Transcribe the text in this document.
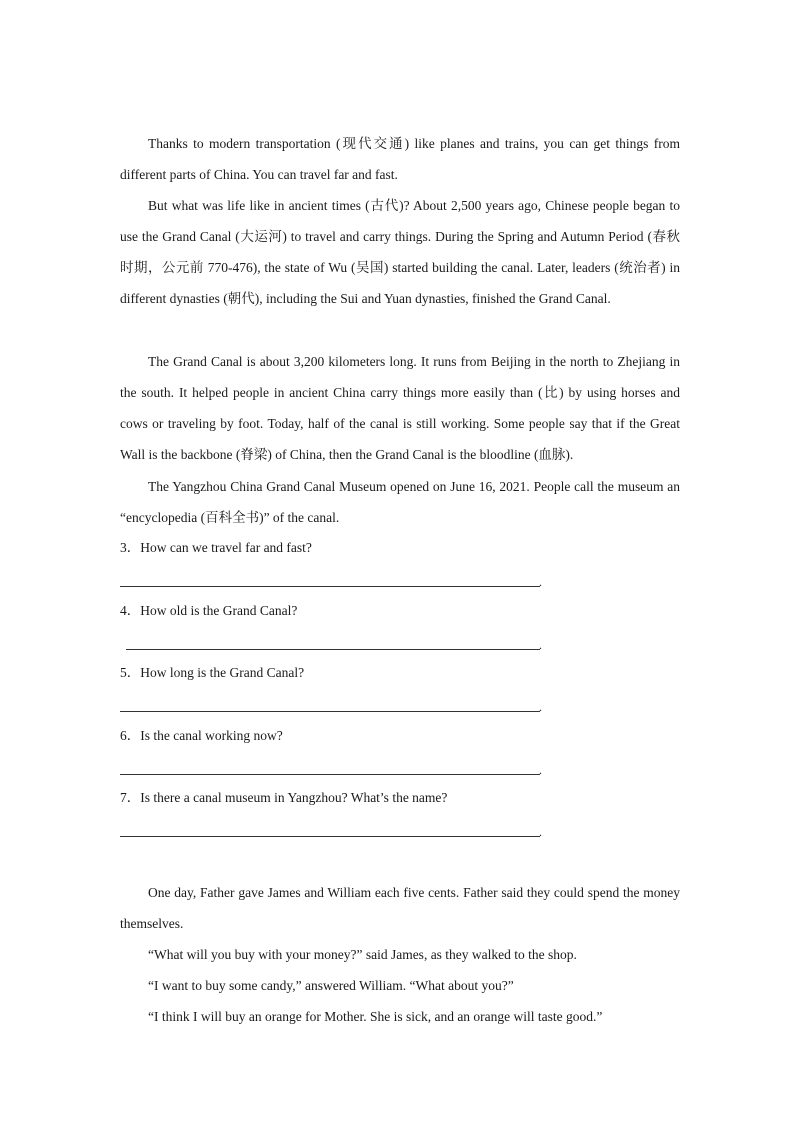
Thanks to modern transportation (现代交通) like planes and trains, you can get things from different parts of China. You can travel far and fast.

But what was life like in ancient times (古代)? About 2,500 years ago, Chinese people began to use the Grand Canal (大运河) to travel and carry things. During the Spring and Autumn Period (春秋时期，公元前 770-476), the state of Wu (吴国) started building the canal. Later, leaders (统治者) in different dynasties (朝代), including the Sui and Yuan dynasties, finished the Grand Canal.

The Grand Canal is about 3,200 kilometers long. It runs from Beijing in the north to Zhejiang in the south. It helped people in ancient China carry things more easily than (比) by using horses and cows or traveling by foot. Today, half of the canal is still working. Some people say that if the Great Wall is the backbone (脊梁) of China, then the Grand Canal is the bloodline (血脉).

The Yangzhou China Grand Canal Museum opened on June 16, 2021. People call the museum an “encyclopedia (百科全书)” of the canal.

3．How can we travel far and fast?

.

4．How old is the Grand Canal?

.

5．How long is the Grand Canal?

.

6．Is the canal working now?

.

7．Is there a canal museum in Yangzhou? What’s the name?

.

One day, Father gave James and William each five cents. Father said they could spend the money themselves.

“What will you buy with your money?” said James, as they walked to the shop.

“I want to buy some candy,” answered William. “What about you?”

“I think I will buy an orange for Mother. She is sick, and an orange will taste good.”
